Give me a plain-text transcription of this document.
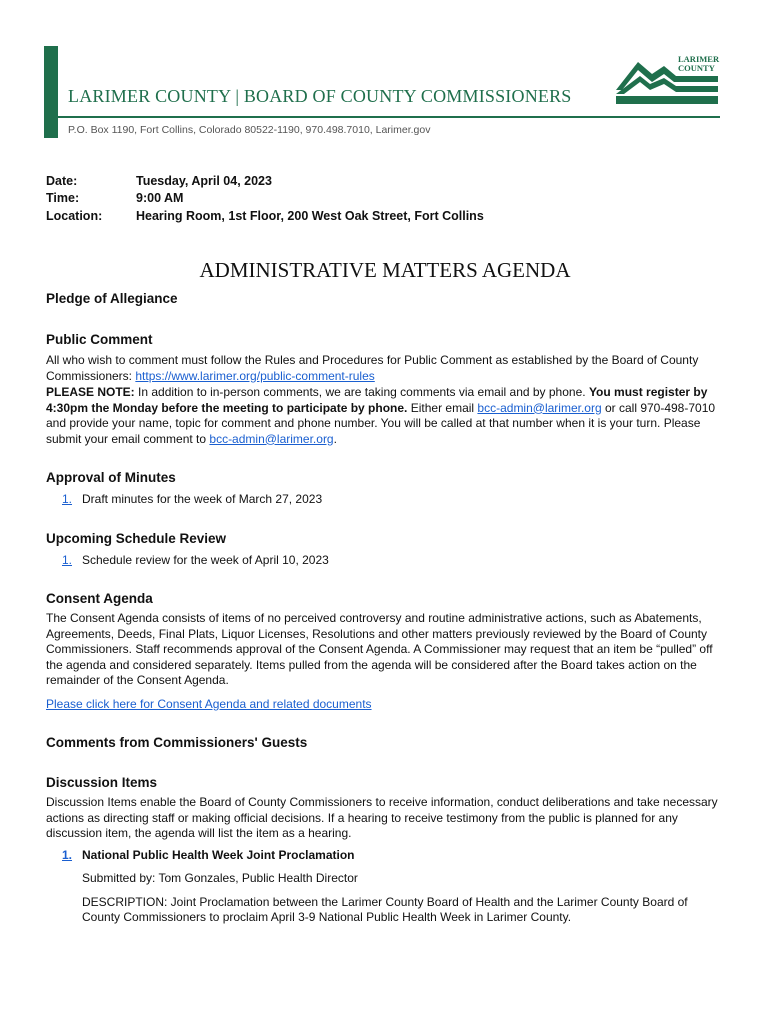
LARIMER COUNTY | BOARD OF COUNTY COMMISSIONERS
P.O. Box 1190, Fort Collins, Colorado 80522-1190, 970.498.7010, Larimer.gov
LARIMER
COUNTY
Date:	Tuesday, April 04, 2023
Time:	9:00 AM
Location:	Hearing Room, 1st Floor, 200 West Oak Street, Fort Collins
ADMINISTRATIVE MATTERS AGENDA
Pledge of Allegiance
Public Comment

All who wish to comment must follow the Rules and Procedures for Public Comment as established by the Board of County Commissioners: https://www.larimer.org/public-comment-rules

PLEASE NOTE: In addition to in-person comments, we are taking comments via email and by phone. You must register by 4:30pm the Monday before the meeting to participate by phone. Either email bcc-admin@larimer.org or call 970-498-7010 and provide your name, topic for comment and phone number. You will be called at that number when it is your turn. Please submit your email comment to bcc-admin@larimer.org.

Approval of Minutes
1. Draft minutes for the week of March 27, 2023
Upcoming Schedule Review
1. Schedule review for the week of April 10, 2023
Consent Agenda

The Consent Agenda consists of items of no perceived controversy and routine administrative actions, such as Abatements, Agreements, Deeds, Final Plats, Liquor Licenses, Resolutions and other matters previously reviewed by the Board of County Commissioners. Staff recommends approval of the Consent Agenda. A Commissioner may request that an item be “pulled” off the agenda and considered separately. Items pulled from the agenda will be considered after the Board takes action on the remainder of the Consent Agenda.

Please click here for Consent Agenda and related documents

Comments from Commissioners' Guests
Discussion Items

Discussion Items enable the Board of County Commissioners to receive information, conduct deliberations and take necessary actions as directing staff or making official decisions. If a hearing to receive testimony from the public is planned for any discussion item, the agenda will list the item as a hearing.

1. National Public Health Week Joint Proclamation

Submitted by: Tom Gonzales, Public Health Director

DESCRIPTION: Joint Proclamation between the Larimer County Board of Health and the Larimer County Board of County Commissioners to proclaim April 3-9 National Public Health Week in Larimer County.
